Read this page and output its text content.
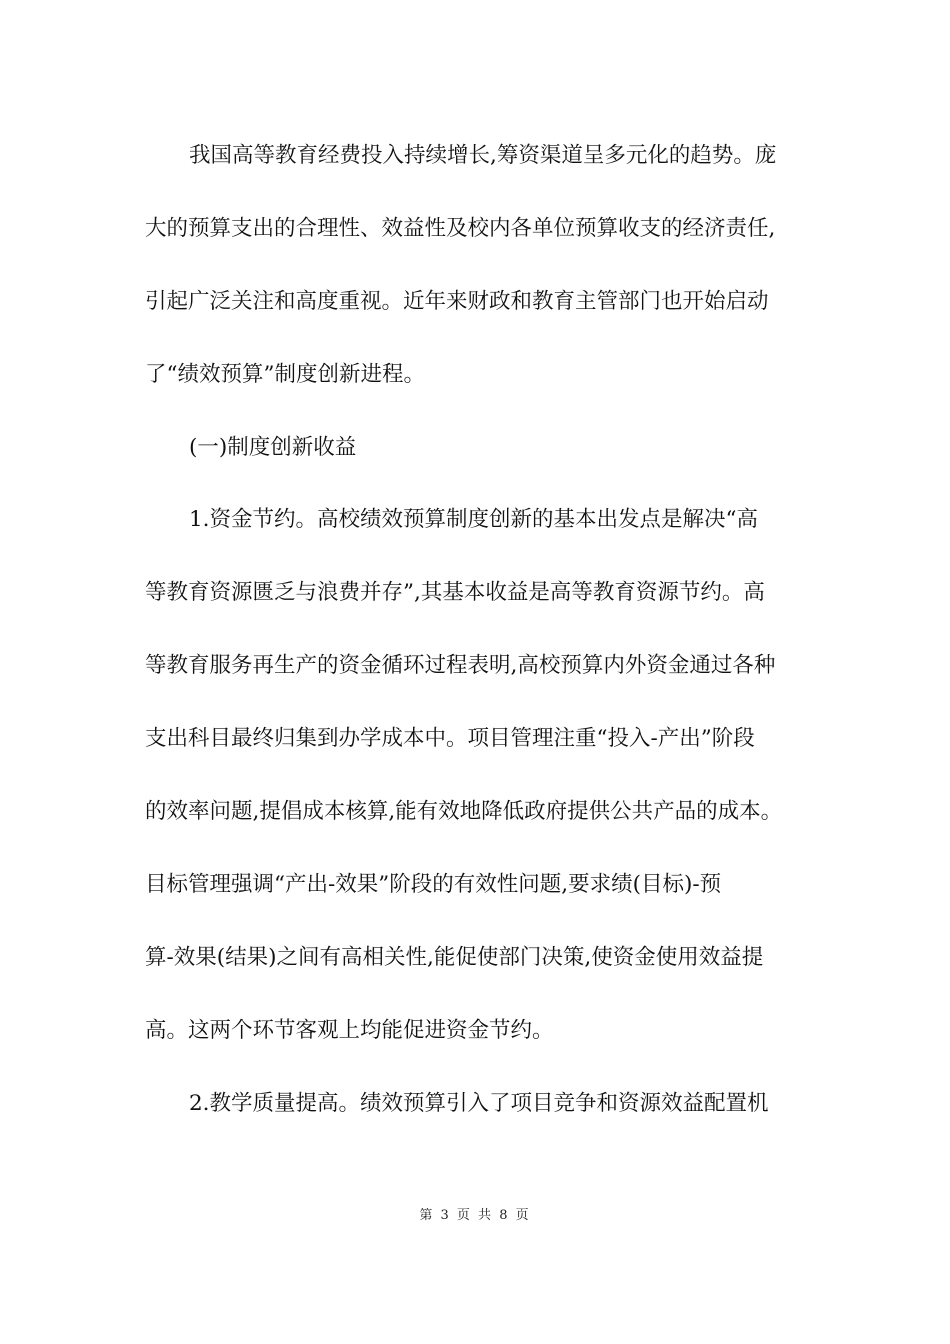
我国高等教育经费投入持续增长,筹资渠道呈多元化的趋势。庞
大的预算支出的合理性、效益性及校内各单位预算收支的经济责任,
引起广泛关注和高度重视。近年来财政和教育主管部门也开始启动
了“绩效预算”制度创新进程。
(一)制度创新收益
1.资金节约。高校绩效预算制度创新的基本出发点是解决“高
等教育资源匮乏与浪费并存”,其基本收益是高等教育资源节约。高
等教育服务再生产的资金循环过程表明,高校预算内外资金通过各种
支出科目最终归集到办学成本中。项目管理注重“投入-产出”阶段
的效率问题,提倡成本核算,能有效地降低政府提供公共产品的成本。
目标管理强调“产出-效果”阶段的有效性问题,要求绩(目标)-预
算-效果(结果)之间有高相关性,能促使部门决策,使资金使用效益提
高。这两个环节客观上均能促进资金节约。
2.教学质量提高。绩效预算引入了项目竞争和资源效益配置机
第 3 页 共 8 页
